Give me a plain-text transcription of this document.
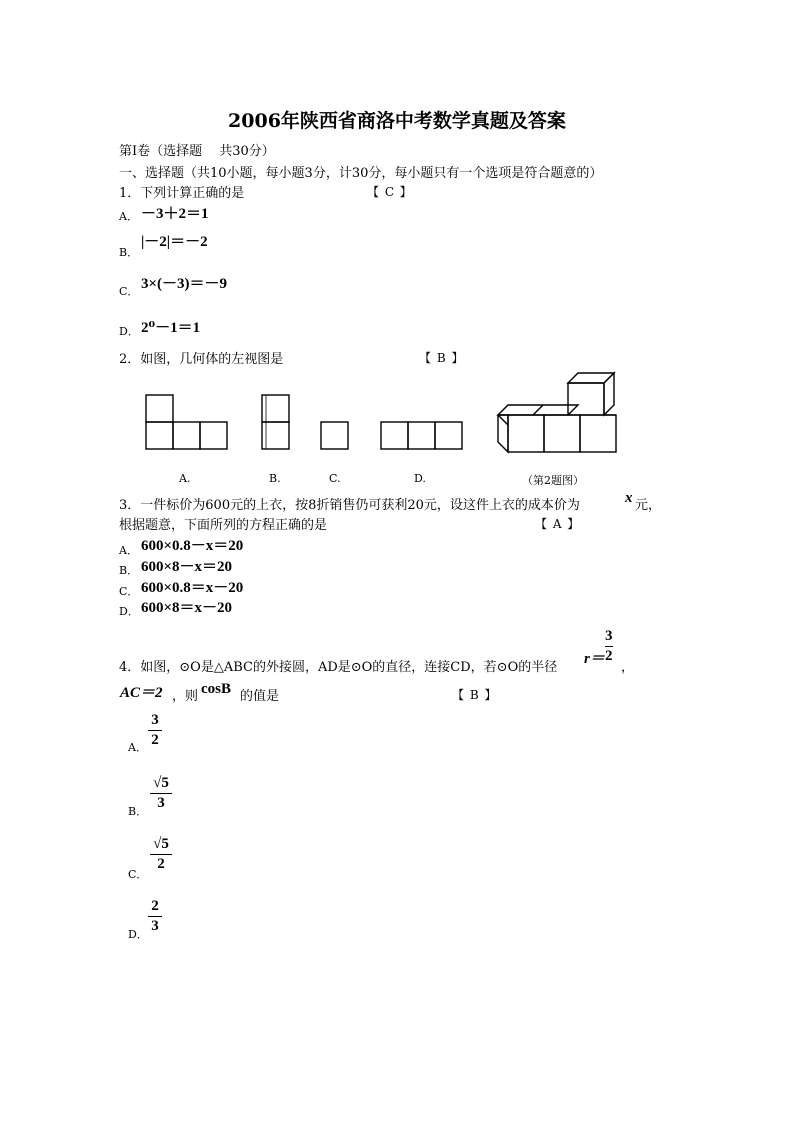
2006年陕西省商洛中考数学真题及答案
第Ⅰ卷（选择题　 共30分）
一、选择题（共10小题，每小题3分，计30分，每小题只有一个选项是符合题意的）
1．下列计算正确的是	【 C 】
A． －3＋2＝1
B．
|－2|＝－2
C． 3×(－3)＝－9
D． 2⁰－1＝1
2．如图，几何体的左视图是	【 B 】
A.	B.	C.	D.	（第2题图）
3．一件标价为600元的上衣，按8折销售仍可获利20元，设这件上衣的成本价为	x 元，
根据题意，下面所列的方程正确的是	【 A 】
A． 600×0.8－x＝20
B． 600×8－x＝20
C． 600×0.8＝x－20
D． 600×8＝x－20
4．如图，⊙O是△ABC的外接圆，AD是⊙O的直径，连接CD，若⊙O的半径
r＝
3
2
，
AC＝2 ，则 cosB 的值是	【 B 】
A．
3
2
B．
√5
3
C．
√5
2
D．
2
3
